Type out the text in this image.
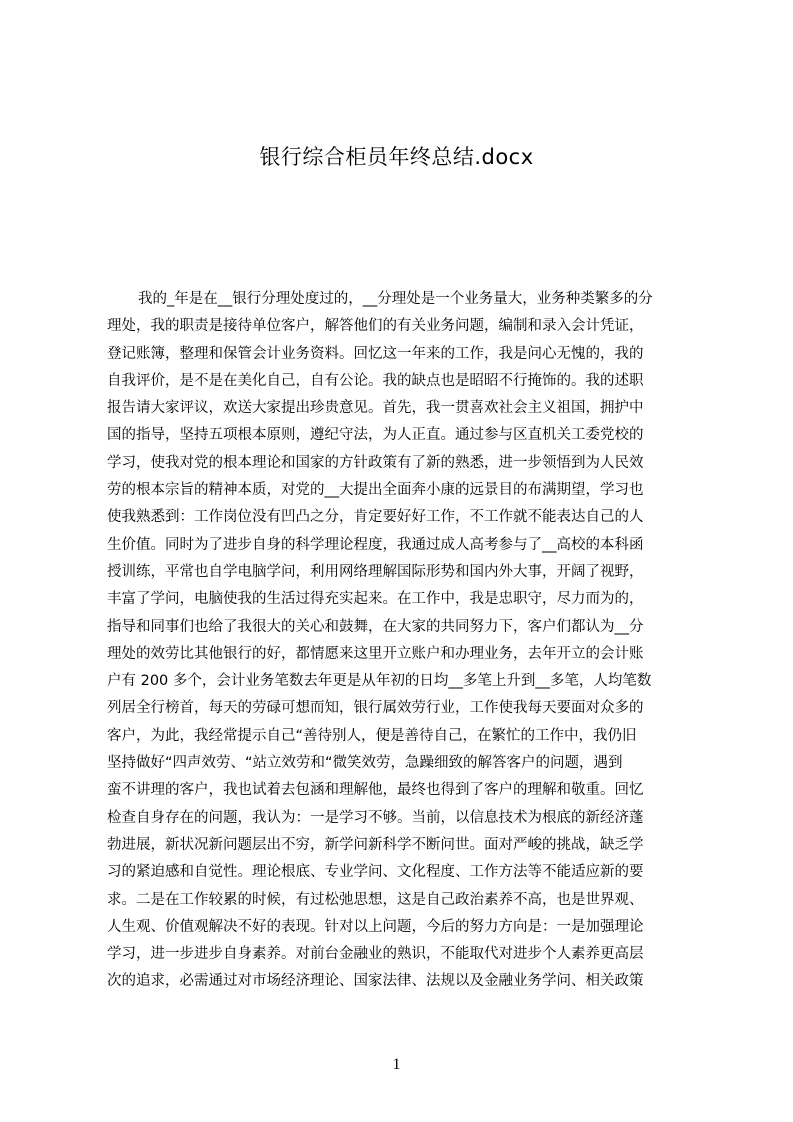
银行综合柜员年终总结.docx
我的_年是在__银行分理处度过的，__分理处是一个业务量大，业务种类繁多的分
理处，我的职责是接待单位客户，解答他们的有关业务问题，编制和录入会计凭证，
登记账簿，整理和保管会计业务资料。回忆这一年来的工作，我是问心无愧的，我的
自我评价，是不是在美化自己，自有公论。我的缺点也是昭昭不行掩饰的。我的述职
报告请大家评议，欢送大家提出珍贵意见。首先，我一贯喜欢社会主义祖国，拥护中
国的指导，坚持五项根本原则，遵纪守法，为人正直。通过参与区直机关工委党校的
学习，使我对党的根本理论和国家的方针政策有了新的熟悉，进一步领悟到为人民效
劳的根本宗旨的精神本质，对党的__大提出全面奔小康的远景目的布满期望，学习也
使我熟悉到：工作岗位没有凹凸之分，肯定要好好工作，不工作就不能表达自己的人
生价值。同时为了进步自身的科学理论程度，我通过成人高考参与了__高校的本科函
授训练，平常也自学电脑学问，利用网络理解国际形势和国内外大事，开阔了视野，
丰富了学问，电脑使我的生活过得充实起来。在工作中，我是忠职守，尽力而为的，
指导和同事们也给了我很大的关心和鼓舞，在大家的共同努力下，客户们都认为__分
理处的效劳比其他银行的好，都情愿来这里开立账户和办理业务，去年开立的会计账
户有 200 多个，会计业务笔数去年更是从年初的日均__多笔上升到__多笔，人均笔数
列居全行榜首，每天的劳碌可想而知，银行属效劳行业，工作使我每天要面对众多的
客户，为此，我经常提示自己“善待别人，便是善待自己，在繁忙的工作中，我仍旧
坚持做好“四声效劳、“站立效劳和“微笑效劳，急躁细致的解答客户的问题，遇到
蛮不讲理的客户，我也试着去包涵和理解他，最终也得到了客户的理解和敬重。回忆
检查自身存在的问题，我认为：一是学习不够。当前，以信息技术为根底的新经济蓬
勃进展，新状况新问题层出不穷，新学问新科学不断问世。面对严峻的挑战，缺乏学
习的紧迫感和自觉性。理论根底、专业学问、文化程度、工作方法等不能适应新的要
求。二是在工作较累的时候，有过松弛思想，这是自己政治素养不高，也是世界观、
人生观、价值观解决不好的表现。针对以上问题，今后的努力方向是：一是加强理论
学习，进一步进步自身素养。对前台金融业的熟识，不能取代对进步个人素养更高层
次的追求，必需通过对市场经济理论、国家法律、法规以及金融业务学问、相关政策
1
